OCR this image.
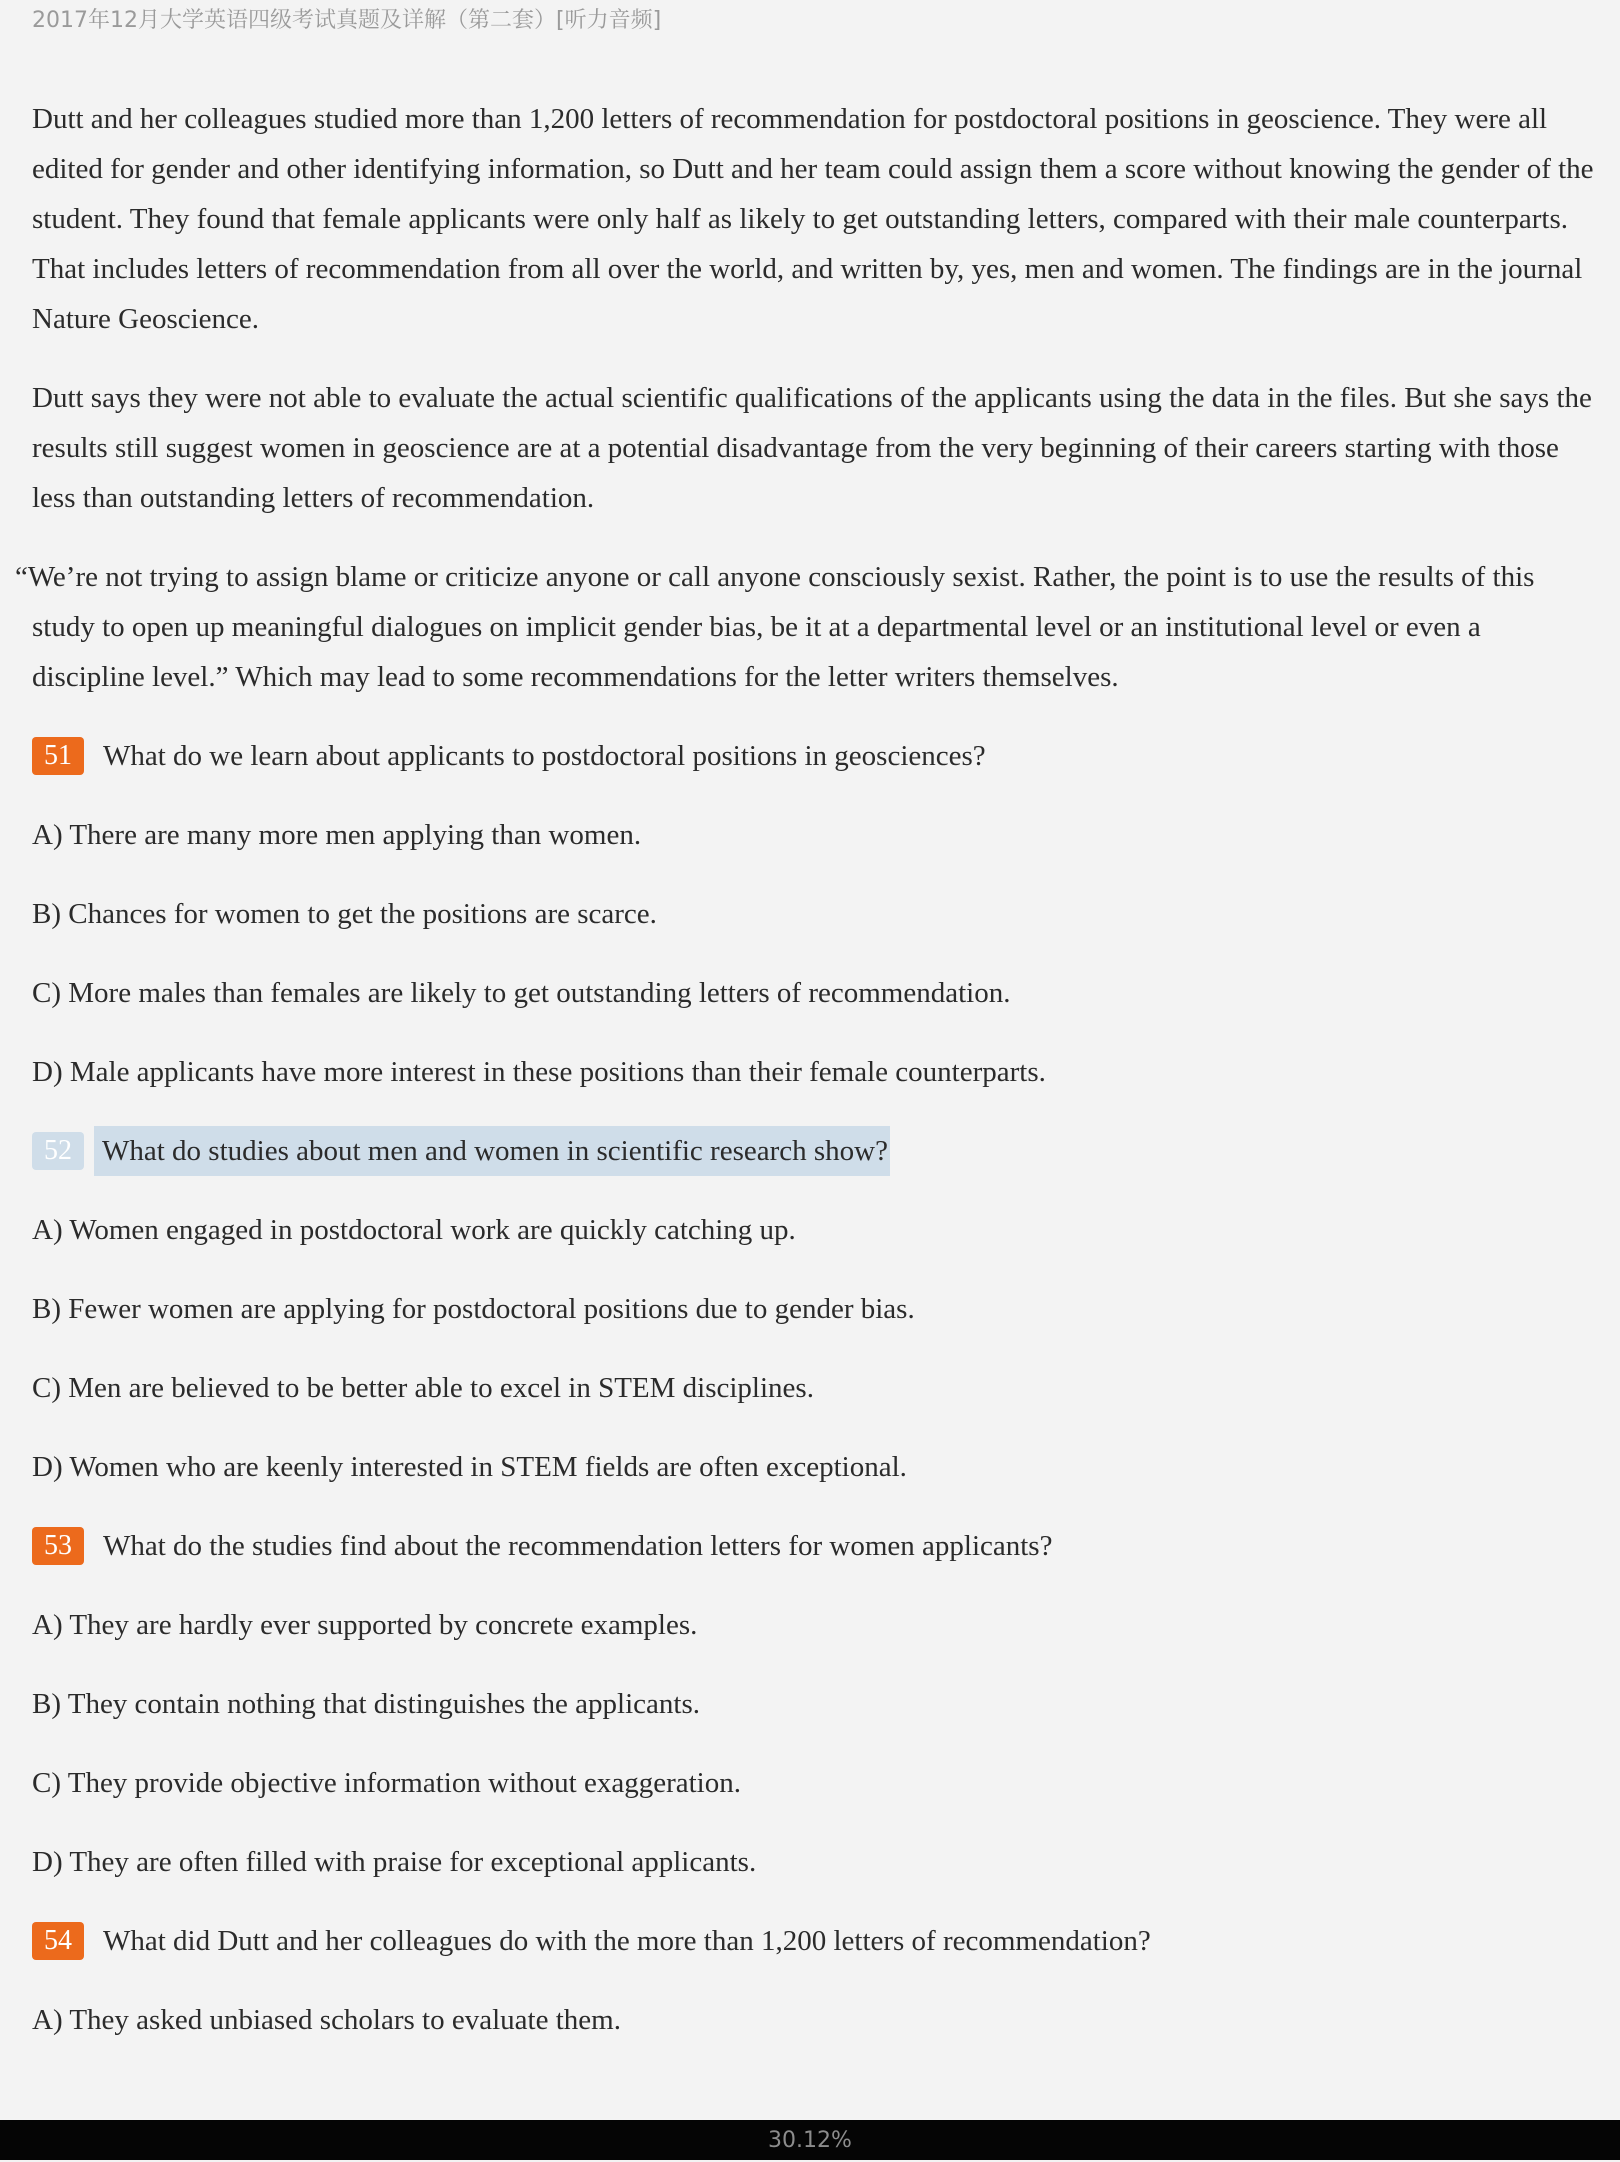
2017年12月大学英语四级考试真题及详解（第二套）[听力音频]
Dutt and her colleagues studied more than 1,200 letters of recommendation for postdoctoral positions in geoscience. They were all edited for gender and other identifying information, so Dutt and her team could assign them a score without knowing the gender of the student. They found that female applicants were only half as likely to get outstanding letters, compared with their male counterparts. That includes letters of recommendation from all over the world, and written by, yes, men and women. The findings are in the journal Nature Geoscience.
Dutt says they were not able to evaluate the actual scientific qualifications of the applicants using the data in the files. But she says the results still suggest women in geoscience are at a potential disadvantage from the very beginning of their careers starting with those less than outstanding letters of recommendation.
“We’re not trying to assign blame or criticize anyone or call anyone consciously sexist. Rather, the point is to use the results of this study to open up meaningful dialogues on implicit gender bias, be it at a departmental level or an institutional level or even a discipline level.” Which may lead to some recommendations for the letter writers themselves.
51	What do we learn about applicants to postdoctoral positions in geosciences?
A) There are many more men applying than women.
B) Chances for women to get the positions are scarce.
C) More males than females are likely to get outstanding letters of recommendation.
D) Male applicants have more interest in these positions than their female counterparts.
52	What do studies about men and women in scientific research show?
A) Women engaged in postdoctoral work are quickly catching up.
B) Fewer women are applying for postdoctoral positions due to gender bias.
C) Men are believed to be better able to excel in STEM disciplines.
D) Women who are keenly interested in STEM fields are often exceptional.
53	What do the studies find about the recommendation letters for women applicants?
A) They are hardly ever supported by concrete examples.
B) They contain nothing that distinguishes the applicants.
C) They provide objective information without exaggeration.
D) They are often filled with praise for exceptional applicants.
54	What did Dutt and her colleagues do with the more than 1,200 letters of recommendation?
A) They asked unbiased scholars to evaluate them.
30.12%
